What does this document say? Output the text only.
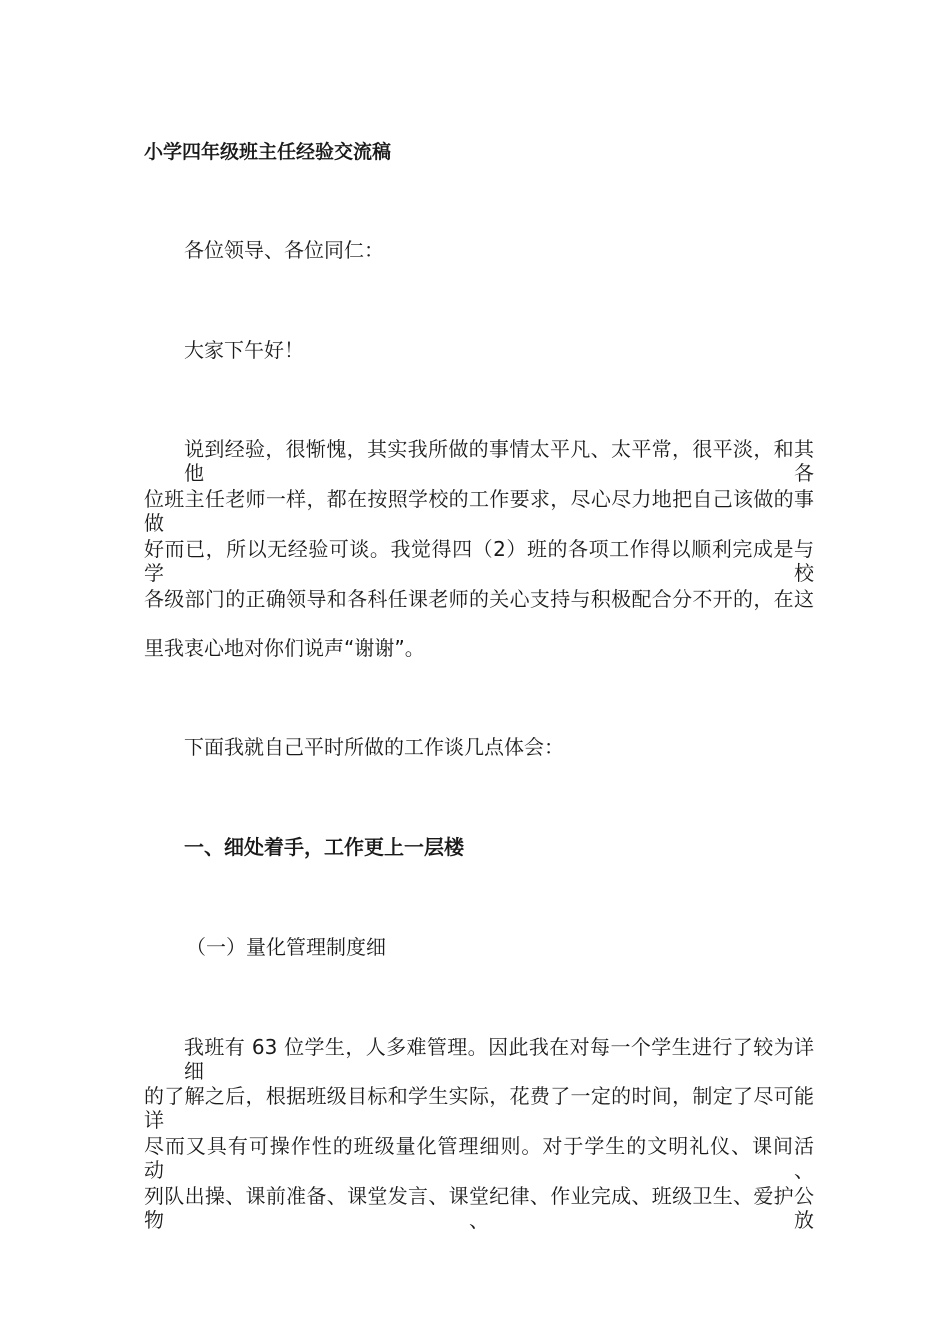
小学四年级班主任经验交流稿
各位领导、各位同仁：
大家下午好！
说到经验，很惭愧，其实我所做的事情太平凡、太平常，很平淡，和其他各
位班主任老师一样，都在按照学校的工作要求，尽心尽力地把自己该做的事做
好而已，所以无经验可谈。我觉得四（2）班的各项工作得以顺利完成是与学校
各级部门的正确领导和各科任课老师的关心支持与积极配合分不开的，在这
里我衷心地对你们说声“谢谢”。
下面我就自己平时所做的工作谈几点体会：
一、细处着手，工作更上一层楼
（一）量化管理制度细
我班有 63 位学生，人多难管理。因此我在对每一个学生进行了较为详细
的了解之后，根据班级目标和学生实际，花费了一定的时间，制定了尽可能详
尽而又具有可操作性的班级量化管理细则。对于学生的文明礼仪、课间活动、
列队出操、课前准备、课堂发言、课堂纪律、作业完成、班级卫生、爱护公物、放
